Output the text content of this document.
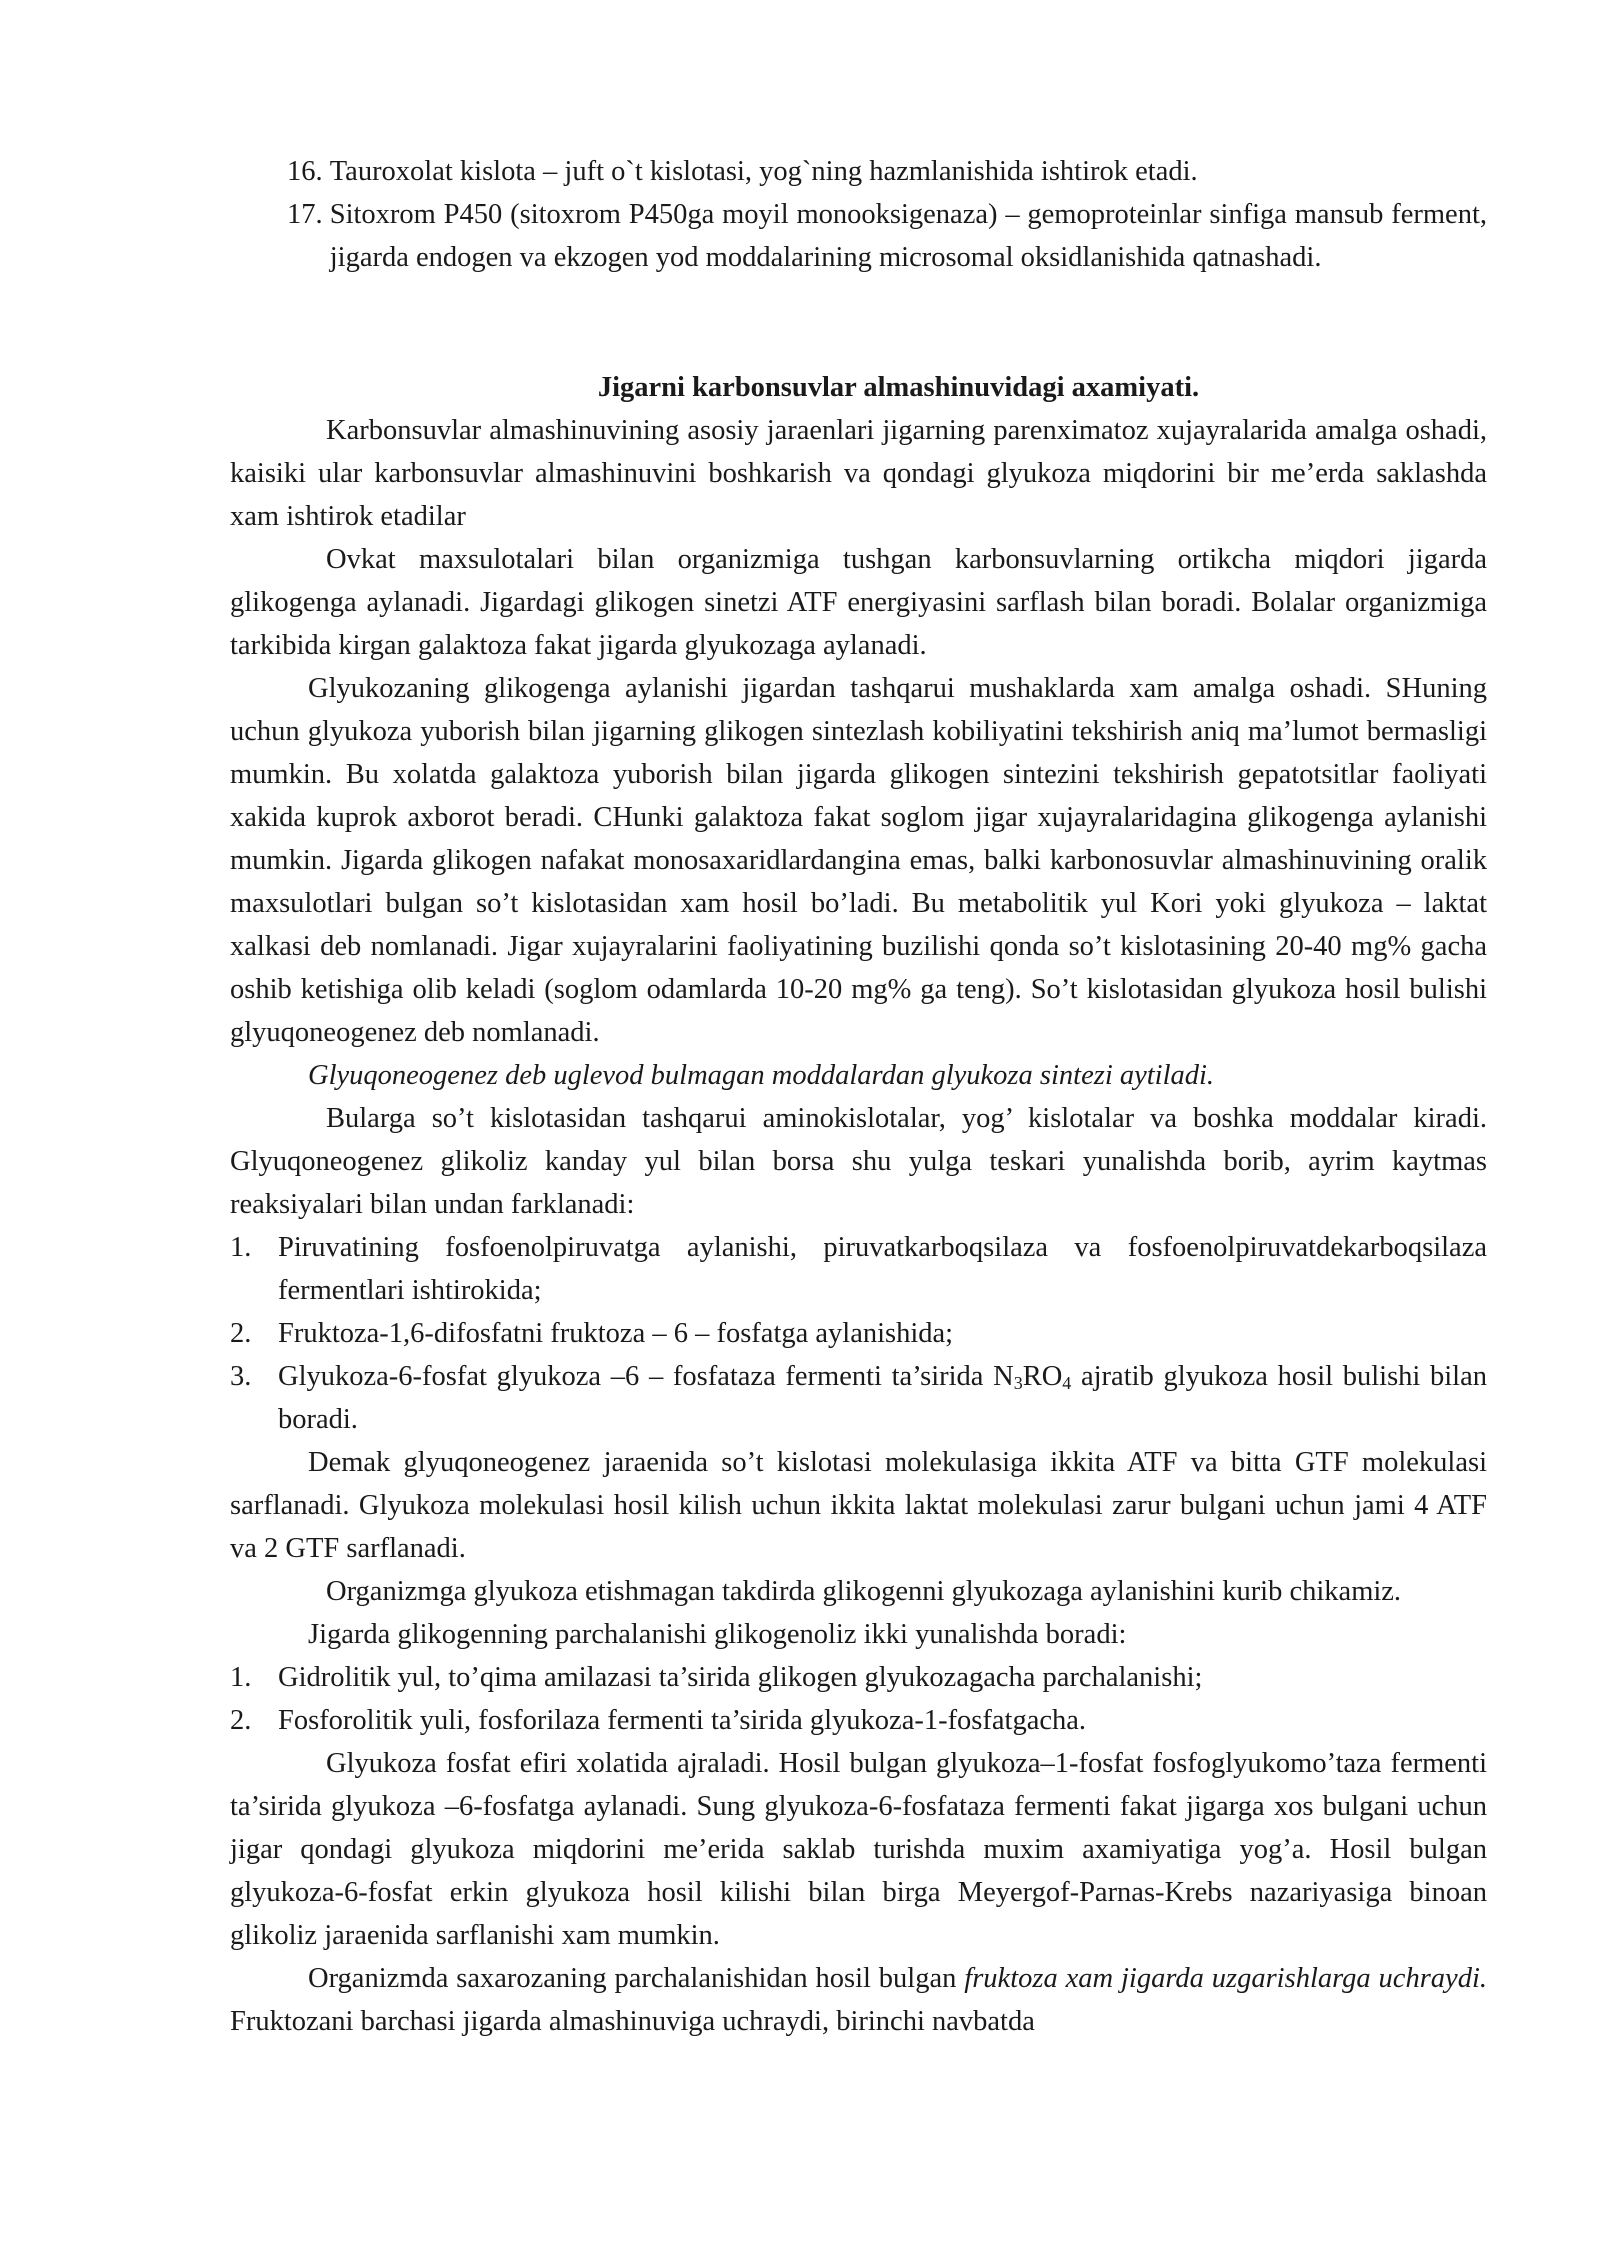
16. Tauroxolat kislota – juft o`t kislotasi, yog`ning hazmlanishida ishtirok etadi.
17. Sitoxrom P450 (sitoxrom P450ga moyil monooksigenaza) – gemoproteinlar sinfiga mansub ferment, jigarda endogen va ekzogen yod moddalarining microsomal oksidlanishida qatnashadi.
Jigarni karbonsuvlar almashinuvidagi axamiyati.

Karbonsuvlar almashinuvining asosiy jaraenlari jigarning parenximatoz xujayralarida amalga oshadi, kaisiki ular karbonsuvlar almashinuvini boshkarish va qondagi glyukoza miqdorini bir me’erda saklashda xam ishtirok etadilar

Ovkat maxsulotalari bilan organizmiga tushgan karbonsuvlarning ortikcha miqdori jigarda glikogenga aylanadi. Jigardagi glikogen sinetzi ATF energiyasini sarflash bilan boradi. Bolalar organizmiga tarkibida kirgan galaktoza fakat jigarda glyukozaga aylanadi.

Glyukozaning glikogenga aylanishi jigardan tashqarui mushaklarda xam amalga oshadi. SHuning uchun glyukoza yuborish bilan jigarning glikogen sintezlash kobiliyatini tekshirish aniq ma’lumot bermasligi mumkin. Bu xolatda galaktoza yuborish bilan jigarda glikogen sintezini tekshirish gepatotsitlar faoliyati xakida kuprok axborot beradi. CHunki galaktoza fakat soglom jigar xujayralaridagina glikogenga aylanishi mumkin. Jigarda glikogen nafakat monosaxaridlardangina emas, balki karbonosuvlar almashinuvining oralik maxsulotlari bulgan so’t kislotasidan xam hosil bo’ladi. Bu metabolitik yul Kori yoki glyukoza – laktat xalkasi deb nomlanadi. Jigar xujayralarini faoliyatining buzilishi qonda so’t kislotasining 20-40 mg% gacha oshib ketishiga olib keladi (soglom odamlarda 10-20 mg% ga teng). So’t kislotasidan glyukoza hosil bulishi glyuqoneogenez deb nomlanadi.

Glyuqoneogenez deb uglevod bulmagan moddalardan glyukoza sintezi aytiladi.

Bularga so’t kislotasidan tashqarui aminokislotalar, yog’ kislotalar va boshka moddalar kiradi. Glyuqoneogenez glikoliz kanday yul bilan borsa shu yulga teskari yunalishda borib, ayrim kaytmas reaksiyalari bilan undan farklanadi:

1. Piruvatining fosfoenolpiruvatga aylanishi, piruvatkarboqsilaza va fosfoenolpiruvatdekarboqsilaza fermentlari ishtirokida;
2. Fruktoza-1,6-difosfatni fruktoza – 6 – fosfatga aylanishida;
3. Glyukoza-6-fosfat glyukoza –6 – fosfataza fermenti ta’sirida $N_3RO_4$ ajratib glyukoza hosil bulishi bilan boradi.

Demak glyuqoneogenez jaraenida so’t kislotasi molekulasiga ikkita ATF va bitta GTF molekulasi sarflanadi. Glyukoza molekulasi hosil kilish uchun ikkita laktat molekulasi zarur bulgani uchun jami 4 ATF va 2 GTF sarflanadi.

Organizmga glyukoza etishmagan takdirda glikogenni glyukozaga aylanishini kurib chikamiz.

Jigarda glikogenning parchalanishi glikogenoliz ikki yunalishda boradi:

1. Gidrolitik yul, to’qima amilazasi ta’sirida glikogen glyukozagacha parchalanishi;
2. Fosforolitik yuli, fosforilaza fermenti ta’sirida glyukoza-1-fosfatgacha.

Glyukoza fosfat efiri xolatida ajraladi. Hosil bulgan glyukoza–1-fosfat fosfoglyukomo’taza fermenti ta’sirida glyukoza –6-fosfatga aylanadi. Sung glyukoza-6-fosfataza fermenti fakat jigarga xos bulgani uchun jigar qondagi glyukoza miqdorini me’erida saklab turishda muxim axamiyatiga yog’a. Hosil bulgan glyukoza-6-fosfat erkin glyukoza hosil kilishi bilan birga Meyergof-Parnas-Krebs nazariyasiga binoan glikoliz jaraenida sarflanishi xam mumkin.

Organizmda saxarozaning parchalanishidan hosil bulgan fruktoza xam jigarda uzgarishlarga uchraydi. Fruktozani barchasi jigarda almashinuviga uchraydi, birinchi navbatda
